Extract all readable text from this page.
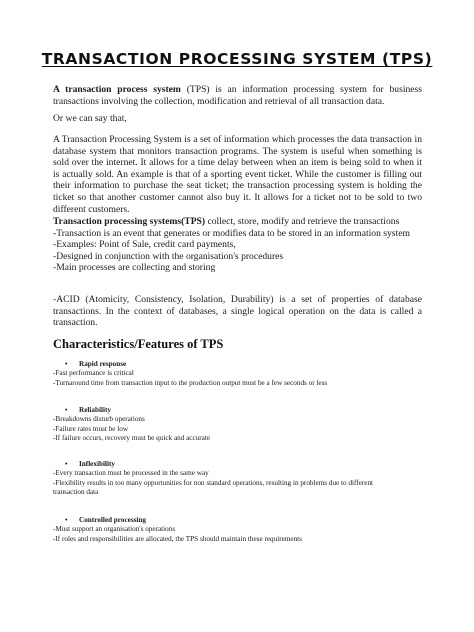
TRANSACTION PROCESSING SYSTEM (TPS)
A transaction process system (TPS) is an information processing system for business transactions involving the collection, modification and retrieval of all transaction data.
Or we can say that,
A Transaction Processing System is a set of information which processes the data transaction in database system that monitors transaction programs. The system is useful when something is sold over the internet. It allows for a time delay between when an item is being sold to when it is actually sold. An example is that of a sporting event ticket. While the customer is filling out their information to purchase the seat ticket; the transaction processing system is holding the ticket so that another customer cannot also buy it. It allows for a ticket not to be sold to two different customers.
Transaction processing systems(TPS) collect, store, modify and retrieve the transactions
-Transaction is an event that generates or modifies data to be stored in an information system
-Examples: Point of Sale, credit card payments,
-Designed in conjunction with the organisation's procedures
-Main processes are collecting and storing
-ACID (Atomicity, Consistency, Isolation, Durability) is a set of properties of database transactions. In the context of databases, a single logical operation on the data is called a transaction.
Characteristics/Features of TPS
• Rapid response
-Fast performance is critical
-Turnaround time from transaction input to the production output must be a few seconds or less
• Reliability
-Breakdowns disturb operations
-Failure rates must be low
-If failure occurs, recovery must be quick and accurate
• Inflexibility
-Every transaction must be processed in the same way
-Flexibility results in too many opportunities for non standard operations, resulting in problems due to different
transaction data
• Controlled processing
-Must support an organisation's operations
-If roles and responsibilities are allocated, the TPS should maintain these requirements
